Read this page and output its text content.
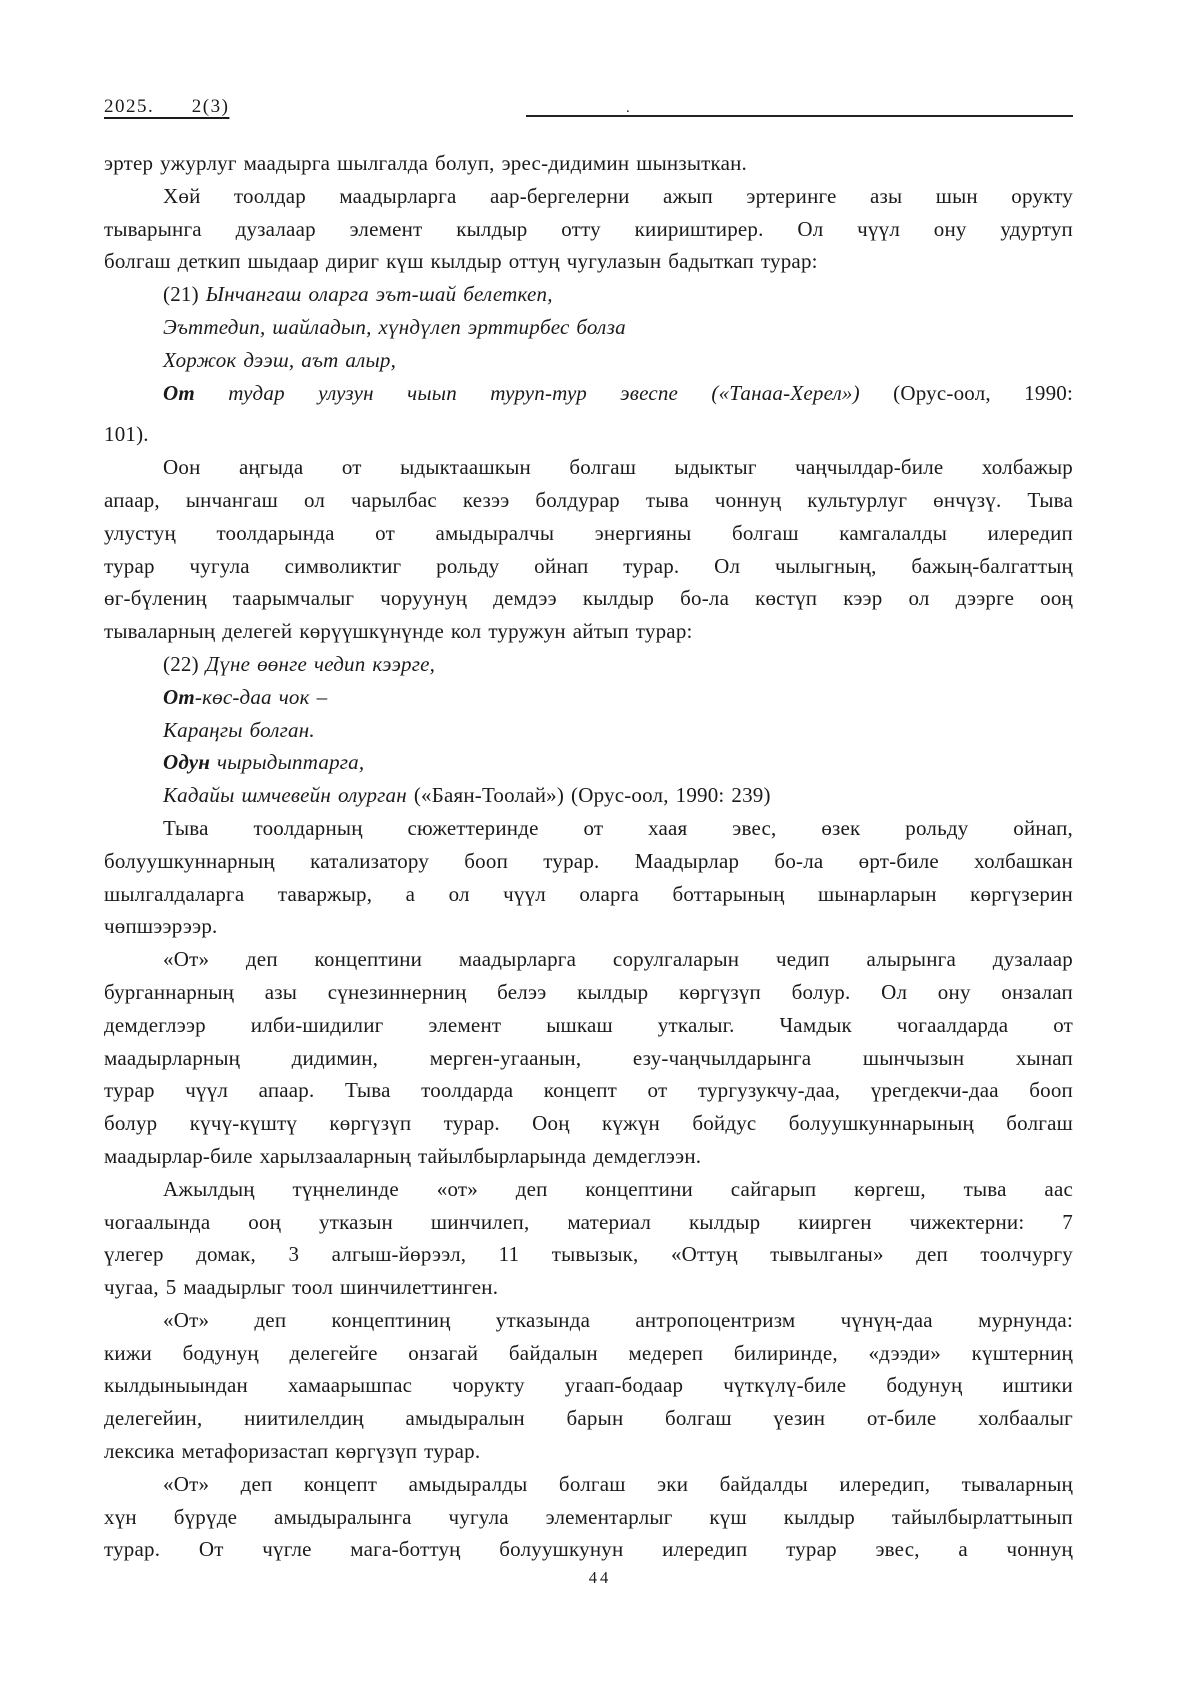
2025.      2(3)	.
эртер ужурлуг маадырга шылгалда болуп, эрес-дидимин шынзыткан.
Хөй тоолдар маадырларга аар-бергелерни ажып эртеринге азы шын орукту
тыварынга дузалаар элемент кылдыр отту киириштирер. Ол чүүл ону удуртуп
болгаш деткип шыдаар дириг күш кылдыр оттуң чугулазын бадыткап турар:
(21) Ынчангаш оларга эът-шай белеткеп,
Эъттедип, шайладып, хүндүлеп эрттирбес болза
Хоржок дээш, аът алыр,
От тудар улузун чыып туруп-тур эвеспе («Танаа-Херел») (Орус-оол, 1990:
101).
Оон аңгыда от ыдыктаашкын болгаш ыдыктыг чаңчылдар-биле холбажыр
апаар, ынчангаш ол чарылбас кезээ болдурар тыва чоннуң культурлуг өнчүзү. Тыва
улустуң тоолдарында от амыдыралчы энергияны болгаш камгалалды илередип
турар чугула символиктиг рольду ойнап турар. Ол чылыгның, бажың-балгаттың
өг-бүлениң таарымчалыг чоруунуң демдээ кылдыр бо-ла көстүп кээр ол дээрге ооң
тываларның делегей көрүүшкүнүнде кол туружун айтып турар:
(22) Дүне өөнге чедип кээрге,
От-көс-даа чок –
Караңгы болган.
Одун чырыдыптарга,
Кадайы шмчевейн олурган («Баян-Тоолай») (Орус-оол, 1990: 239)
Тыва тоолдарның сюжеттеринде от хаая эвес, өзек рольду ойнап,
болуушкуннарның катализатору бооп турар. Маадырлар бо-ла өрт-биле холбашкан
шылгалдаларга таваржыр, а ол чүүл оларга боттарының шынарларын көргүзерин
чөпшээрээр.
«От» деп концептини маадырларга сорулгаларын чедип алырынга дузалаар
бурганнарның азы сүнезиннерниң белээ кылдыр көргүзүп болур. Ол ону онзалап
демдеглээр илби-шидилиг элемент ышкаш уткалыг. Чамдык чогаалдарда от
маадырларның дидимин, мерген-угаанын, езу-чаңчылдарынга шынчызын хынап
турар чүүл апаар. Тыва тоолдарда концепт от тургузукчу-даа, үрегдекчи-даа бооп
болур күчү-күштү көргүзүп турар. Ооң күжүн бойдус болуушкуннарының болгаш
маадырлар-биле харылзааларның тайылбырларында демдеглээн.
Ажылдың түңнелинде «от» деп концептини сайгарып көргеш, тыва аас
чогаалында ооң утказын шинчилеп, материал кылдыр киирген чижектерни: 7
үлегер домак, 3 алгыш-йөрээл, 11 тывызык, «Оттуң тывылганы» деп тоолчургу
чугаа, 5 маадырлыг тоол шинчилеттинген.
«От» деп концептиниң утказында антропоцентризм чүнүң-даа мурнунда:
кижи бодунуң делегейге онзагай байдалын медереп билиринде, «дээди» күштерниң
кылдыныындан хамаарышпас чорукту угаап-бодаар чүткүлү-биле бодунуң иштики
делегейин, ниитилелдиң амыдыралын барын болгаш үезин от-биле холбаалыг
лексика метафоризастап көргүзүп турар.
«От» деп концепт амыдыралды болгаш эки байдалды илередип, тываларның
хүн бүрүде амыдыралынга чугула элементарлыг күш кылдыр тайылбырлаттынып
турар. От чүгле мага-боттуң болуушкунун илередип турар эвес, а чоннуң
44
